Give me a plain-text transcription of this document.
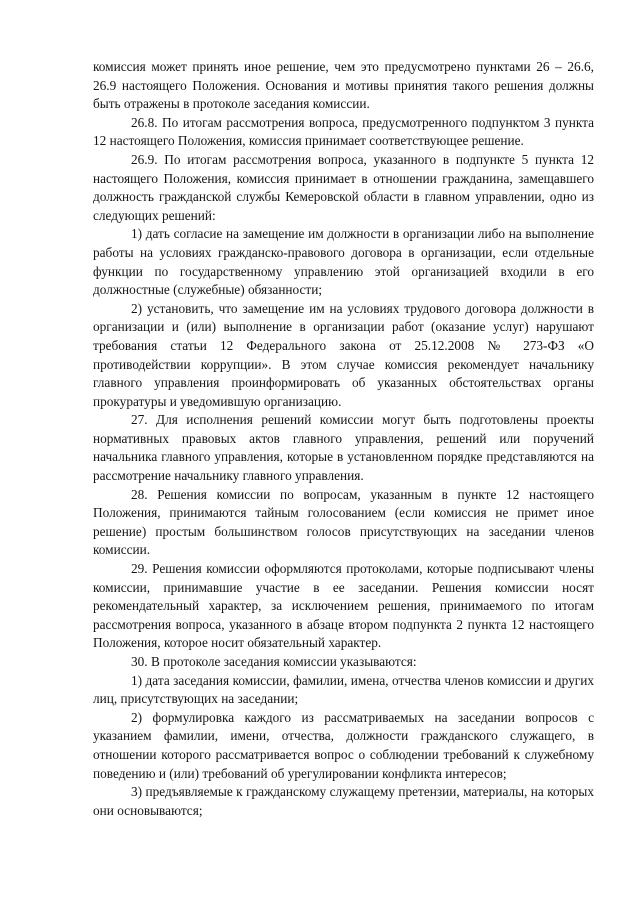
комиссия может принять иное решение, чем это предусмотрено пунктами 26 – 26.6, 26.9 настоящего Положения. Основания и мотивы принятия такого решения должны быть отражены в протоколе заседания комиссии.

26.8. По итогам рассмотрения вопроса, предусмотренного подпунктом 3 пункта 12 настоящего Положения, комиссия принимает соответствующее решение.

26.9. По итогам рассмотрения вопроса, указанного в подпункте 5 пункта 12 настоящего Положения, комиссия принимает в отношении гражданина, замещавшего должность гражданской службы Кемеровской области в главном управлении, одно из следующих решений:

1) дать согласие на замещение им должности в организации либо на выполнение работы на условиях гражданско-правового договора в организации, если отдельные функции по государственному управлению этой организацией входили в его должностные (служебные) обязанности;

2) установить, что замещение им на условиях трудового договора должности в организации и (или) выполнение в организации работ (оказание услуг) нарушают требования статьи 12 Федерального закона от 25.12.2008 № 273-ФЗ «О противодействии коррупции». В этом случае комиссия рекомендует начальнику главного управления проинформировать об указанных обстоятельствах органы прокуратуры и уведомившую организацию.

27. Для исполнения решений комиссии могут быть подготовлены проекты нормативных правовых актов главного управления, решений или поручений начальника главного управления, которые в установленном порядке представляются на рассмотрение начальнику главного управления.

28. Решения комиссии по вопросам, указанным в пункте 12 настоящего Положения, принимаются тайным голосованием (если комиссия не примет иное решение) простым большинством голосов присутствующих на заседании членов комиссии.

29. Решения комиссии оформляются протоколами, которые подписывают члены комиссии, принимавшие участие в ее заседании. Решения комиссии носят рекомендательный характер, за исключением решения, принимаемого по итогам рассмотрения вопроса, указанного в абзаце втором подпункта 2 пункта 12 настоящего Положения, которое носит обязательный характер.

30. В протоколе заседания комиссии указываются:

1) дата заседания комиссии, фамилии, имена, отчества членов комиссии и других лиц, присутствующих на заседании;

2) формулировка каждого из рассматриваемых на заседании вопросов с указанием фамилии, имени, отчества, должности гражданского служащего, в отношении которого рассматривается вопрос о соблюдении требований к служебному поведению и (или) требований об урегулировании конфликта интересов;

3) предъявляемые к гражданскому служащему претензии, материалы, на которых они основываются;
